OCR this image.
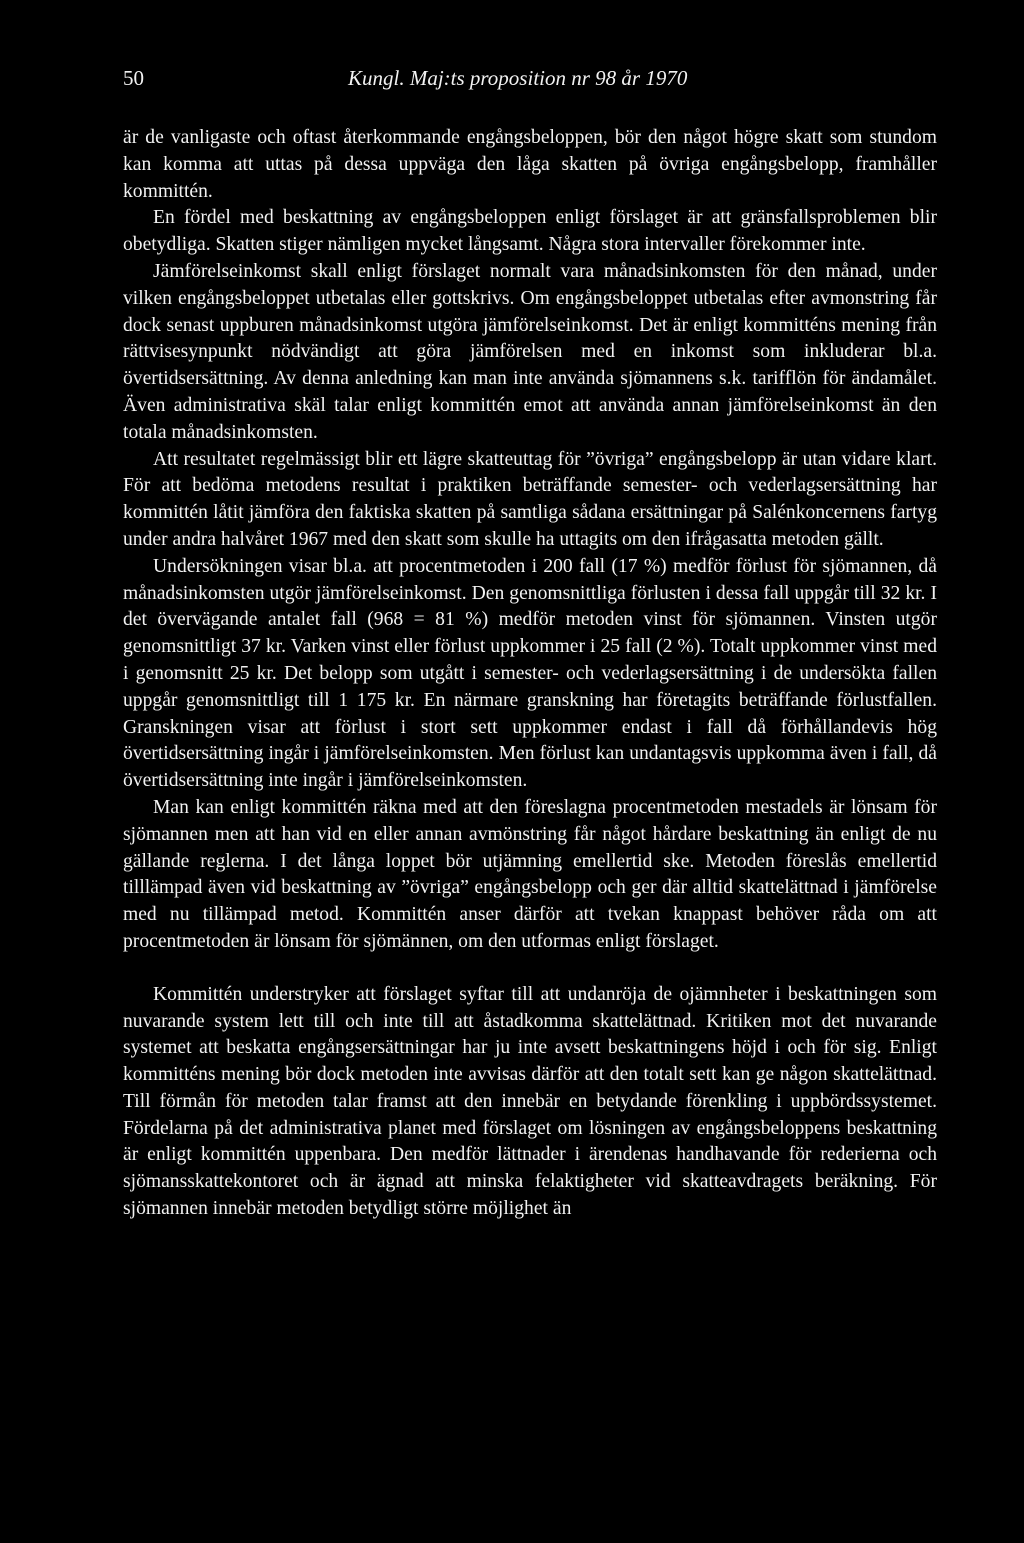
50	Kungl. Maj:ts proposition nr 98 år 1970

är de vanligaste och oftast återkommande engångsbeloppen, bör den något högre skatt som stundom kan komma att uttas på dessa uppväga den låga skatten på övriga engångsbelopp, framhåller kommittén.

En fördel med beskattning av engångsbeloppen enligt förslaget är att gränsfallsproblemen blir obetydliga. Skatten stiger nämligen mycket långsamt. Några stora intervaller förekommer inte.

Jämförelseinkomst skall enligt förslaget normalt vara månadsinkomsten för den månad, under vilken engångsbeloppet utbetalas eller gottskrivs. Om engångsbeloppet utbetalas efter avmonstring får dock senast uppburen månadsinkomst utgöra jämförelseinkomst. Det är enligt kommitténs mening från rättvisesynpunkt nödvändigt att göra jämförelsen med en inkomst som inkluderar bl.a. övertidsersättning. Av denna anledning kan man inte använda sjömannens s.k. tarifflön för ändamålet. Även administrativa skäl talar enligt kommittén emot att använda annan jämförelseinkomst än den totala månadsinkomsten.

Att resultatet regelmässigt blir ett lägre skatteuttag för ”övriga” engångsbelopp är utan vidare klart. För att bedöma metodens resultat i praktiken beträffande semester- och vederlagsersättning har kommittén låtit jämföra den faktiska skatten på samtliga sådana ersättningar på Salénkoncernens fartyg under andra halvåret 1967 med den skatt som skulle ha uttagits om den ifrågasatta metoden gällt.

Undersökningen visar bl.a. att procentmetoden i 200 fall (17 %) medför förlust för sjömannen, då månadsinkomsten utgör jämförelseinkomst. Den genomsnittliga förlusten i dessa fall uppgår till 32 kr. I det övervägande antalet fall (968 = 81 %) medför metoden vinst för sjömannen. Vinsten utgör genomsnittligt 37 kr. Varken vinst eller förlust uppkommer i 25 fall (2 %). Totalt uppkommer vinst med i genomsnitt 25 kr. Det belopp som utgått i semester- och vederlagsersättning i de undersökta fallen uppgår genomsnittligt till 1 175 kr. En närmare granskning har företagits beträffande förlustfallen. Granskningen visar att förlust i stort sett uppkommer endast i fall då förhållandevis hög övertidsersättning ingår i jämförelseinkomsten. Men förlust kan undantagsvis uppkomma även i fall, då övertidsersättning inte ingår i jämförelseinkomsten.

Man kan enligt kommittén räkna med att den föreslagna procentmetoden mestadels är lönsam för sjömannen men att han vid en eller annan avmönstring får något hårdare beskattning än enligt de nu gällande reglerna. I det långa loppet bör utjämning emellertid ske. Metoden föreslås emellertid tilllämpad även vid beskattning av ”övriga” engångsbelopp och ger där alltid skattelättnad i jämförelse med nu tillämpad metod. Kommittén anser därför att tvekan knappast behöver råda om att procentmetoden är lönsam för sjömännen, om den utformas enligt förslaget.

Kommittén understryker att förslaget syftar till att undanröja de ojämnheter i beskattningen som nuvarande system lett till och inte till att åstadkomma skattelättnad. Kritiken mot det nuvarande systemet att beskatta engångsersättningar har ju inte avsett beskattningens höjd i och för sig. Enligt kommitténs mening bör dock metoden inte avvisas därför att den totalt sett kan ge någon skattelättnad. Till förmån för metoden talar framst att den innebär en betydande förenkling i uppbördssystemet. Fördelarna på det administrativa planet med förslaget om lösningen av engångsbeloppens beskattning är enligt kommittén uppenbara. Den medför lättnader i ärendenas handhavande för rederierna och sjömansskattekontoret och är ägnad att minska felaktigheter vid skatteavdragets beräkning. För sjömannen innebär metoden betydligt större möjlighet än
